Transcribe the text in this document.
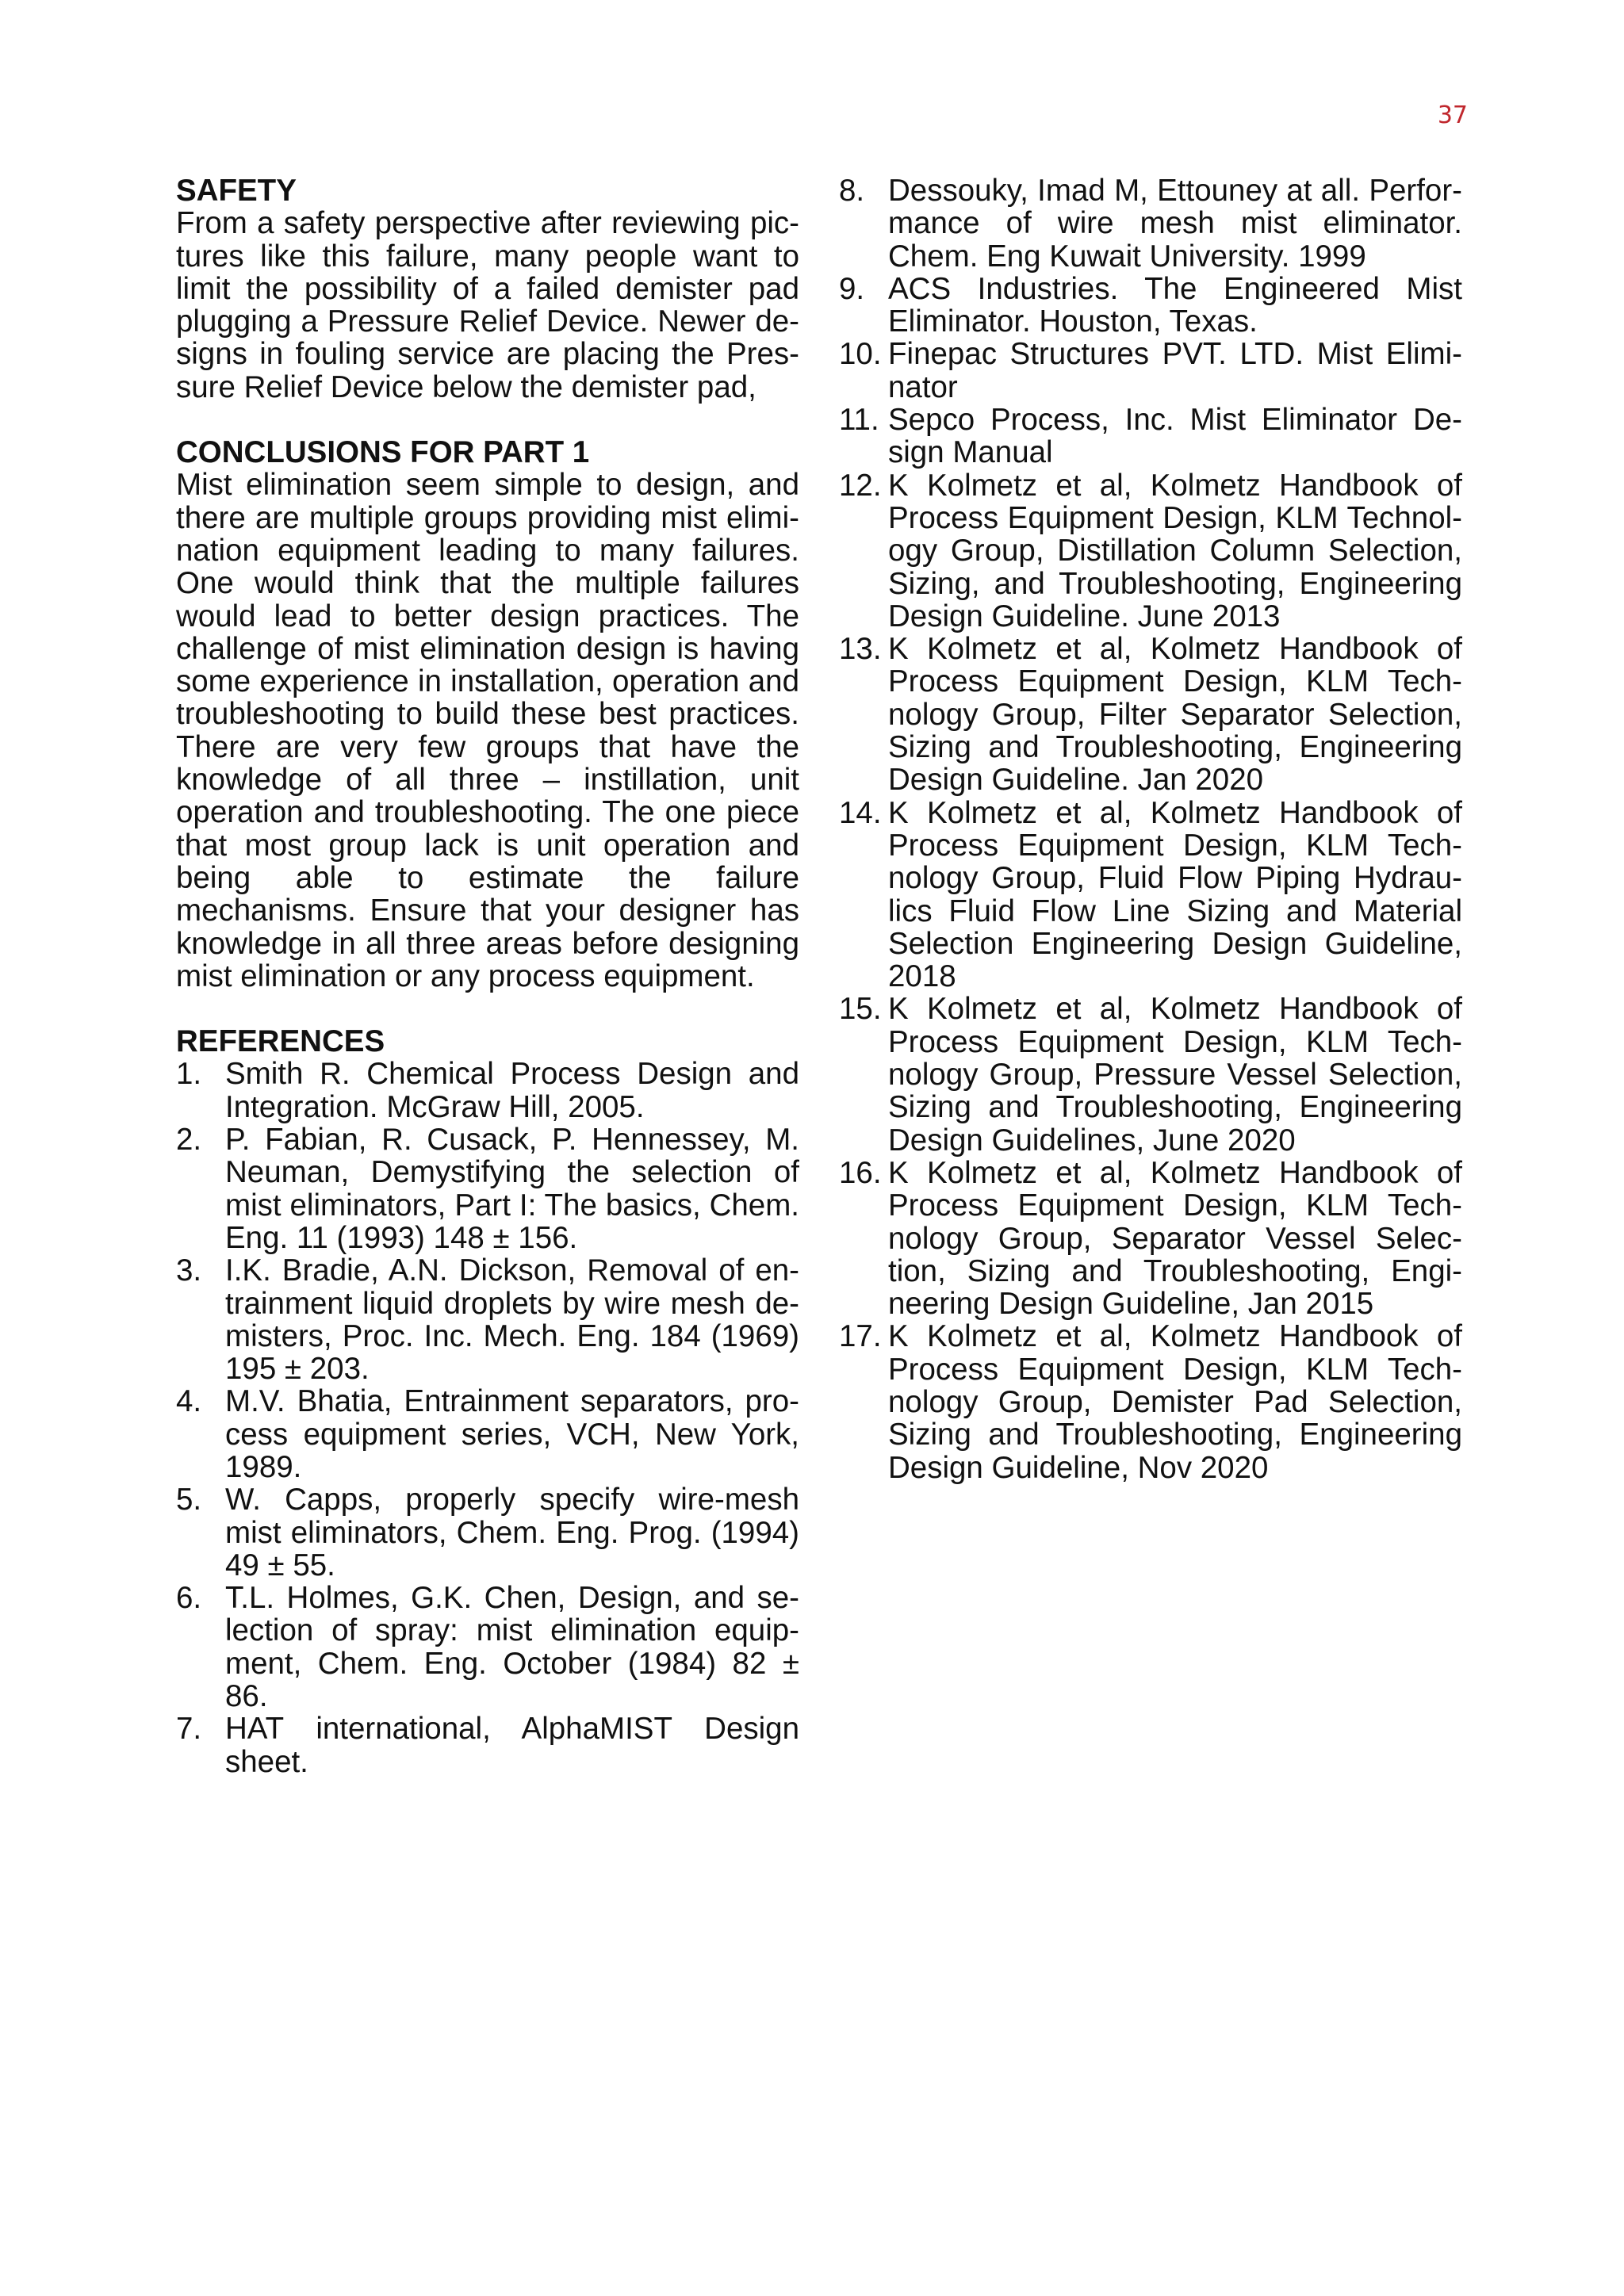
37

SAFETY

From a safety perspective after reviewing pictures like this failure, many people want to limit the possibility of a failed demister pad plugging a Pressure Relief Device. Newer designs in fouling service are placing the Pressure Relief Device below the demister pad,

CONCLUSIONS FOR PART 1

Mist elimination seem simple to design, and there are multiple groups providing mist elimination equipment leading to many failures. One would think that the multiple failures would lead to better design practices. The challenge of mist elimination design is having some experience in installation, operation and troubleshooting to build these best practices. There are very few groups that have the knowledge of all three – instillation, unit operation and troubleshooting. The one piece that most group lack is unit operation and being able to estimate the failure mechanisms. Ensure that your designer has knowledge in all three areas before designing mist elimination or any process equipment.

REFERENCES

1. Smith R. Chemical Process Design and Integration. McGraw Hill, 2005.
2. P. Fabian, R. Cusack, P. Hennessey, M. Neuman, Demystifying the selection of mist eliminators, Part I: The basics, Chem. Eng. 11 (1993) 148 ± 156.
3. I.K. Bradie, A.N. Dickson, Removal of entrainment liquid droplets by wire mesh demisters, Proc. Inc. Mech. Eng. 184 (1969) 195 ± 203.
4. M.V. Bhatia, Entrainment separators, process equipment series, VCH, New York, 1989.
5. W. Capps, properly specify wire-mesh mist eliminators, Chem. Eng. Prog. (1994) 49 ± 55.
6. T.L. Holmes, G.K. Chen, Design, and selection of spray: mist elimination equipment, Chem. Eng. October (1984) 82 ± 86.
7. HAT international, AlphaMIST Design sheet.
8. Dessouky, Imad M, Ettouney at all. Performance of wire mesh mist eliminator. Chem. Eng Kuwait University. 1999
9. ACS Industries. The Engineered Mist Eliminator. Houston, Texas.
10. Finepac Structures PVT. LTD. Mist Eliminator
11. Sepco Process, Inc. Mist Eliminator Design Manual
12. K Kolmetz et al, Kolmetz Handbook of Process Equipment Design, KLM Technology Group, Distillation Column Selection, Sizing, and Troubleshooting, Engineering Design Guideline. June 2013
13. K Kolmetz et al, Kolmetz Handbook of Process Equipment Design, KLM Technology Group, Filter Separator Selection, Sizing and Troubleshooting, Engineering Design Guideline. Jan 2020
14. K Kolmetz et al, Kolmetz Handbook of Process Equipment Design, KLM Technology Group, Fluid Flow Piping Hydraulics Fluid Flow Line Sizing and Material Selection Engineering Design Guideline, 2018
15. K Kolmetz et al, Kolmetz Handbook of Process Equipment Design, KLM Technology Group, Pressure Vessel Selection, Sizing and Troubleshooting, Engineering Design Guidelines, June 2020
16. K Kolmetz et al, Kolmetz Handbook of Process Equipment Design, KLM Technology Group, Separator Vessel Selection, Sizing and Troubleshooting, Engineering Design Guideline, Jan 2015
17. K Kolmetz et al, Kolmetz Handbook of Process Equipment Design, KLM Technology Group, Demister Pad Selection, Sizing and Troubleshooting, Engineering Design Guideline, Nov 2020
